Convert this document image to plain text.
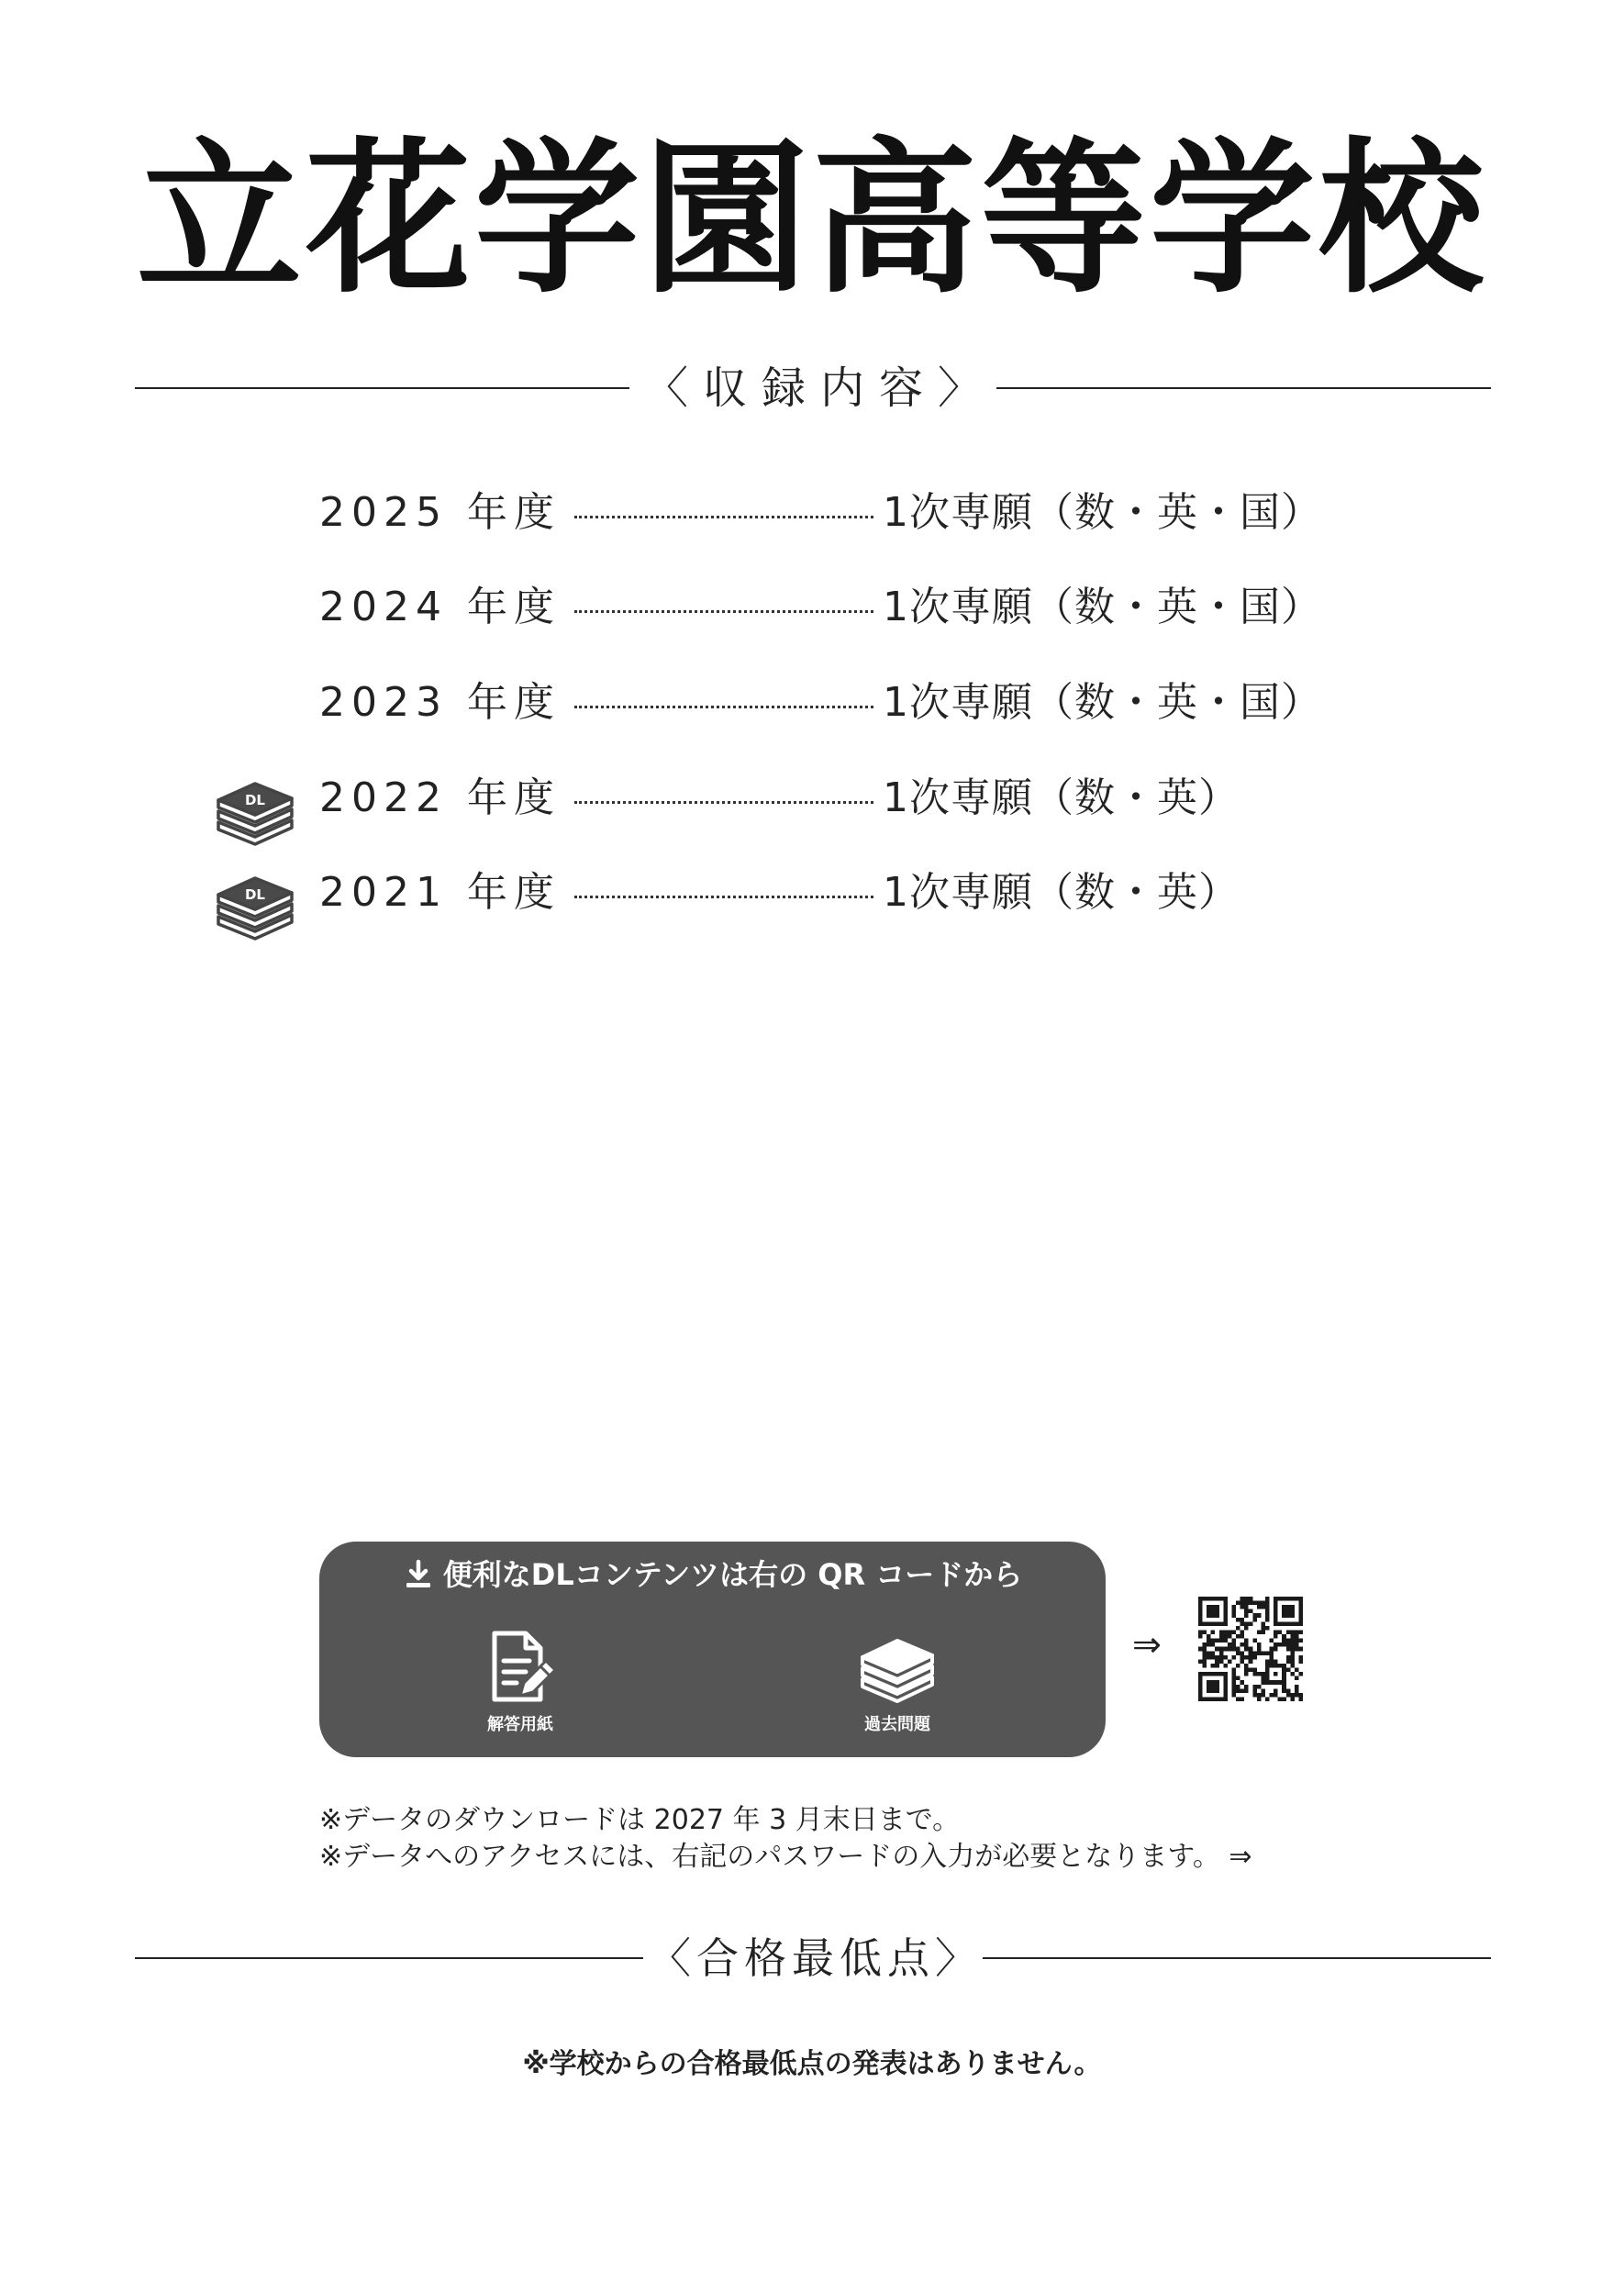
立花学園高等学校
〈収録内容〉
2025 年度	1次専願（数・英・国）
2024 年度	1次専願（数・英・国）
2023 年度	1次専願（数・英・国）
DL 2022 年度	1次専願（数・英）
DL 2021 年度	1次専願（数・英）
便利なDLコンテンツは右の QR コードから
解答用紙	過去問題
⇒

※データのダウンロードは 2027 年 3 月末日まで。

※データへのアクセスには、右記のパスワードの入力が必要となります。 ⇒

〈合格最低点〉
※学校からの合格最低点の発表はありません。
